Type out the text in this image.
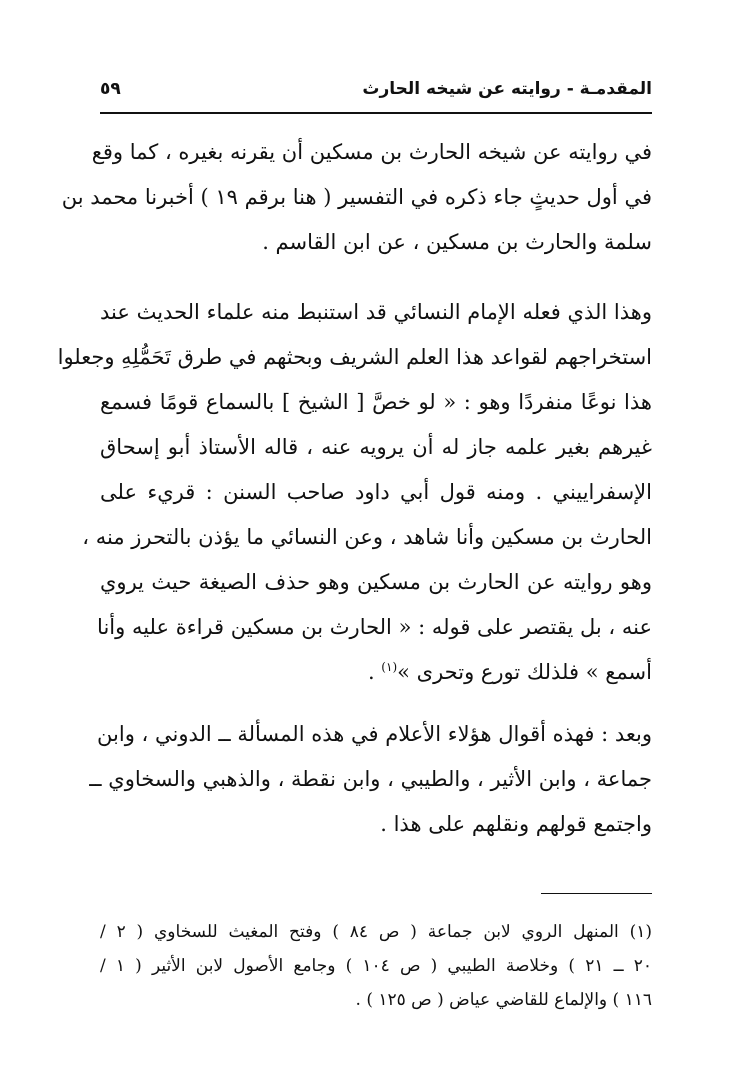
المقدمـة - روايته عن شيخه الحارث
٥٩

في روايته عن شيخه الحارث بن مسكين أن يقرنه بغيره ، كما وقع
في أول حديثٍ جاء ذكره في التفسير ( هنا برقم ١٩ ) أخبرنا محمد بن
سلمة والحارث بن مسكين ، عن ابن القاسم .

وهذا الذي فعله الإمام النسائي قد استنبط منه علماء الحديث عند
استخراجهم لقواعد هذا العلم الشريف وبحثهم في طرق تَحَمُّلِهِ وجعلوا
هذا نوعًا منفردًا وهو : « لو خصَّ [ الشيخ ] بالسماع قومًا فسمع
غيرهم بغير علمه جاز له أن يرويه عنه ، قاله الأستاذ أبو إسحاق
الإسفراييني . ومنه قول أبي داود صاحب السنن : قريء على
الحارث بن مسكين وأنا شاهد ، وعن النسائي ما يؤذن بالتحرز منه ،
وهو روايته عن الحارث بن مسكين وهو حذف الصيغة حيث يروي
عنه ، بل يقتصر على قوله : « الحارث بن مسكين قراءة عليه وأنا
أسمع » فلذلك تورع وتحرى »$^{(١)}$ .

وبعد : فهذه أقوال هؤلاء الأعلام في هذه المسألة ــ الدوني ، وابن
جماعة ، وابن الأثير ، والطيبي ، وابن نقطة ، والذهبي والسخاوي ــ
واجتمع قولهم ونقلهم على هذا .

(١) المنهل الروي لابن جماعة ( ص ٨٤ ) وفتح المغيث للسخاوي ( ٢ /
٢٠ ــ ٢١ ) وخلاصة الطيبي ( ص ١٠٤ ) وجامع الأصول لابن الأثير ( ١ /
١١٦ ) والإلماع للقاضي عياض ( ص ١٢٥ ) .
